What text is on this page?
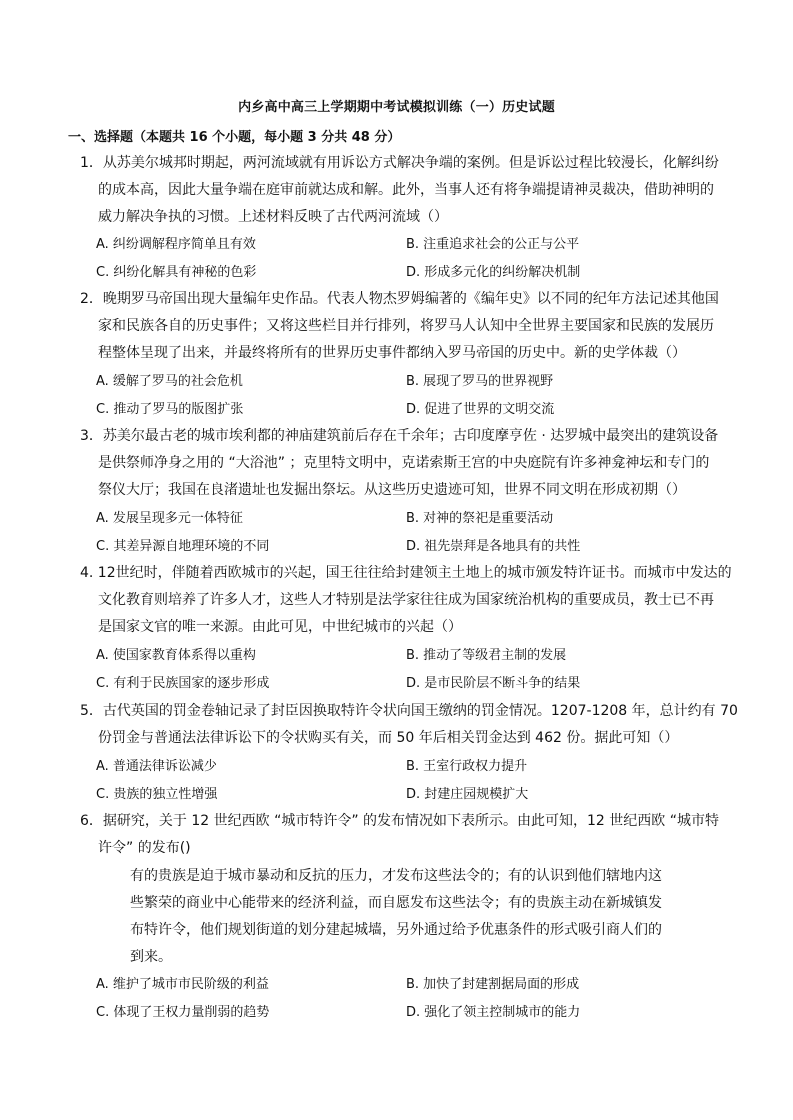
内乡高中高三上学期期中考试模拟训练（一）历史试题
一、选择题（本题共 16 个小题，每小题 3 分共 48 分）
1．从苏美尔城邦时期起，两河流域就有用诉讼方式解决争端的案例。但是诉讼过程比较漫长，化解纠纷
的成本高，因此大量争端在庭审前就达成和解。此外，当事人还有将争端提请神灵裁决，借助神明的
威力解决争执的习惯。上述材料反映了古代两河流域（）
A. 纠纷调解程序简单且有效	B. 注重追求社会的公正与公平
C. 纠纷化解具有神秘的色彩	D. 形成多元化的纠纷解决机制
2．晚期罗马帝国出现大量编年史作品。代表人物杰罗姆编著的《编年史》以不同的纪年方法记述其他国
家和民族各自的历史事件；又将这些栏目并行排列，将罗马人认知中全世界主要国家和民族的发展历
程整体呈现了出来，并最终将所有的世界历史事件都纳入罗马帝国的历史中。新的史学体裁（）
A. 缓解了罗马的社会危机	B. 展现了罗马的世界视野
C. 推动了罗马的版图扩张	D. 促进了世界的文明交流
3．苏美尔最古老的城市埃利都的神庙建筑前后存在千余年；古印度摩亨佐 · 达罗城中最突出的建筑设备
是供祭师净身之用的 “大浴池” ；克里特文明中，克诺索斯王宫的中央庭院有许多神龛神坛和专门的
祭仪大厅；我国在良渚遗址也发掘出祭坛。从这些历史遗迹可知，世界不同文明在形成初期（）
A. 发展呈现多元一体特征	B. 对神的祭祀是重要活动
C. 其差异源自地理环境的不同	D. 祖先崇拜是各地具有的共性
4. 12世纪时，伴随着西欧城市的兴起，国王往往给封建领主土地上的城市颁发特许证书。而城市中发达的
文化教育则培养了许多人才，这些人才特别是法学家往往成为国家统治机构的重要成员，教士已不再
是国家文官的唯一来源。由此可见，中世纪城市的兴起（）
A. 使国家教育体系得以重构	B. 推动了等级君主制的发展
C. 有利于民族国家的逐步形成	D. 是市民阶层不断斗争的结果
5．古代英国的罚金卷轴记录了封臣因换取特许令状向国王缴纳的罚金情况。1207-1208 年，总计约有 70
份罚金与普通法法律诉讼下的令状购买有关，而 50 年后相关罚金达到 462 份。据此可知（）
A. 普通法律诉讼减少	B. 王室行政权力提升
C. 贵族的独立性增强	D. 封建庄园规模扩大
6．据研究，关于 12 世纪西欧 “城市特许令” 的发布情况如下表所示。由此可知，12 世纪西欧 “城市特
许令” 的发布()
有的贵族是迫于城市暴动和反抗的压力，才发布这些法令的；有的认识到他们辖地内这
些繁荣的商业中心能带来的经济利益，而自愿发布这些法令；有的贵族主动在新城镇发
布特许令，他们规划街道的划分建起城墙，另外通过给予优惠条件的形式吸引商人们的
到来。
A. 维护了城市市民阶级的利益	B. 加快了封建割据局面的形成
C. 体现了王权力量削弱的趋势	D. 强化了领主控制城市的能力
